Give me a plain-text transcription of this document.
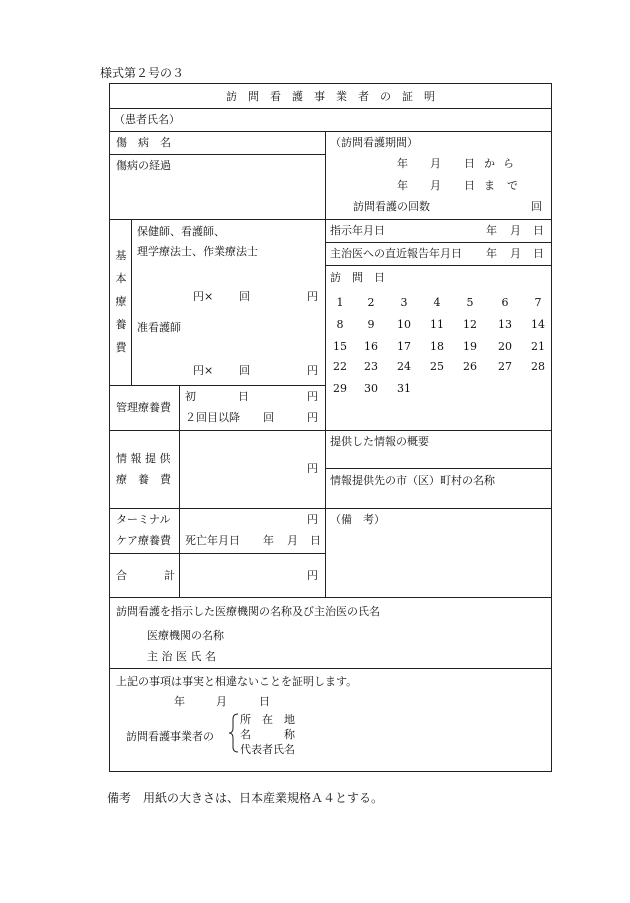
様式第２号の３
訪　問　看　護　事　業　者　の　証　明
（患者氏名）
傷　病　名
傷病の経過
（訪問看護期間）
年 月 日 か ら
年 月 日 ま で
訪問看護の回数	回
基
本
療
養
費
保健師、看護師、
理学療法士、作業療法士
円× 回	円
准看護師
円× 回	円
指示年月日	年 月 日
主治医への直近報告年月日 年 月 日
訪　問　日
1	2	3	4	5	6	7
8	9	10	11	12	13	14
15	16	17	18	19	20	21
22	23	24	25	26	27	28
29	30	31
管理療養費
初	日	円
２回目以降 回	円
情 報 提 供
療　養　費
円
提供した情報の概要
情報提供先の市（区）町村の名称
ターミナル
ケア療養費
円
死亡年月日 年 月 日
（備　考）
合	計	円
訪問看護を指示した医療機関の名称及び主治医の氏名
医療機関の名称
主 治 医 氏 名
上記の事項は事実と相違ないことを証明します。
年	月	日
訪問看護事業者の
所　在　地
名　　　称
代表者氏名
備考　用紙の大きさは、日本産業規格Ａ４とする。
